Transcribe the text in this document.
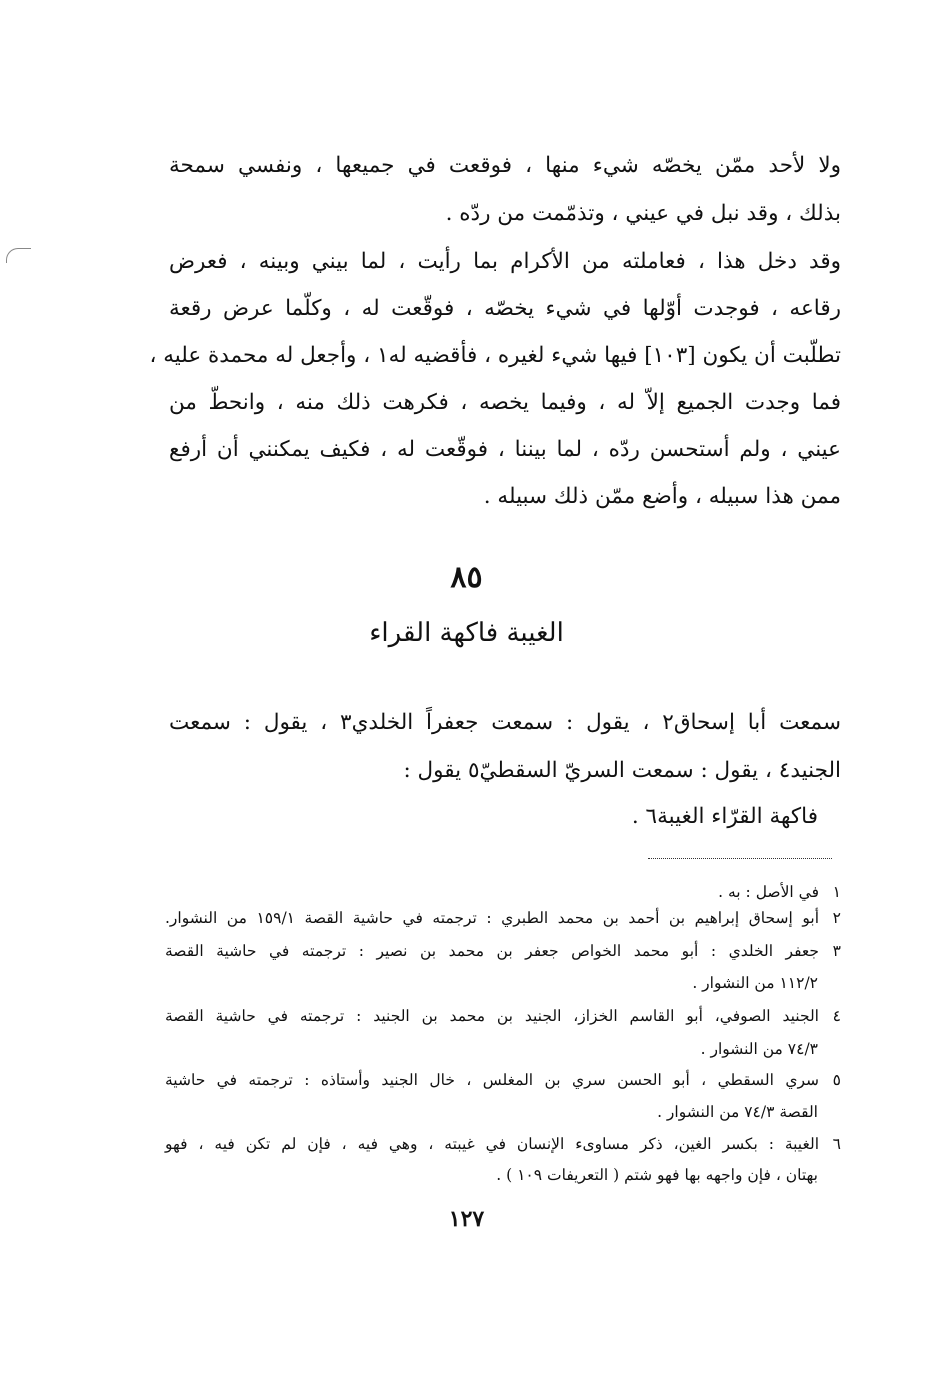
ولا لأحد ممّن يخصّه شيء منها ، فوقعت في جميعها ، ونفسي سمحة
بذلك ، وقد نبل في عيني ، وتذمّمت من ردّه .
وقد دخل هذا ، فعاملته من الأكرام بما رأيت ، لما بيني وبينه ، فعرض
رقاعه ، فوجدت أوّلها في شيء يخصّه ، فوقّعت له ، وكلّما عرض رقعة
تطلّبت أن يكون [١٠٣] فيها شيء لغيره ، فأقضيه له١ ، وأجعل له محمدة عليه ،
فما وجدت الجميع إلاّ له ، وفيما يخصه ، فكرهت ذلك منه ، وانحطّ من
عيني ، ولم أستحسن ردّه ، لما بيننا ، فوقّعت له ، فكيف يمكنني أن أرفع
ممن هذا سبيله ، وأضع ممّن ذلك سبيله .
٨٥
الغيبة فاكهة القراء
سمعت أبا إسحاق٢ ، يقول : سمعت جعفراً الخلدي٣ ، يقول : سمعت
الجنيد٤ ، يقول : سمعت السريّ السقطيّ٥ يقول :
فاكهة القرّاء الغيبة٦ .
١في الأصل : به .
٢أبو إسحاق إبراهيم بن أحمد بن محمد الطبري : ترجمته في حاشية القصة ١٥٩/١ من النشوار.
٣جعفر الخلدي : أبو محمد الخواص جعفر بن محمد بن نصير : ترجمته في حاشية القصة
١١٢/٢ من النشوار .
٤الجنيد الصوفي، أبو القاسم الخزاز، الجنيد بن محمد بن الجنيد : ترجمته في حاشية القصة
٧٤/٣ من النشوار .
٥سري السقطي ، أبو الحسن سري بن المغلس ، خال الجنيد وأستاذه : ترجمته في حاشية
القصة ٧٤/٣ من النشوار .
٦الغيبة : بكسر الغين، ذكر مساوىء الإنسان في غيبته ، وهي فيه ، فإن لم تكن فيه ، فهو
بهتان ، فإن واجهه بها فهو شتم ( التعريفات ١٠٩ ) .
١٢٧
